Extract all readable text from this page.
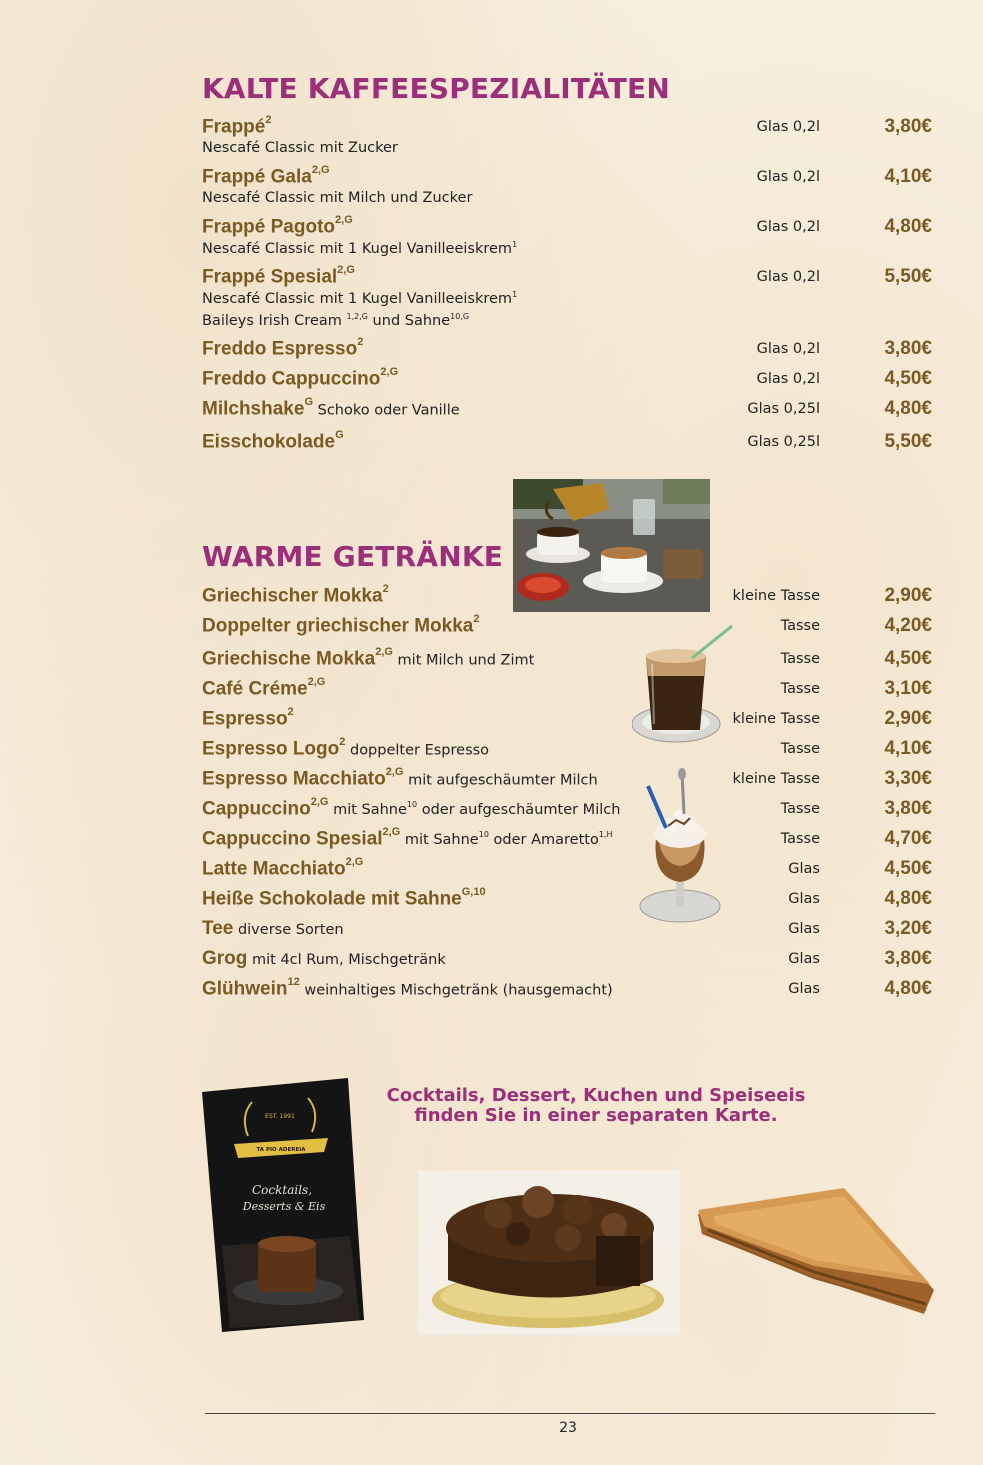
KALTE KAFFEESPEZIALITÄTEN
Frappé$^2$
Nescafé Classic mit Zucker
Glas 0,2l	3,80€
Frappé Gala$^{2,G}$
Nescafé Classic mit Milch und Zucker
Glas 0,2l	4,10€
Frappé Pagoto$^{2,G}$
Nescafé Classic mit 1 Kugel Vanilleeiskrem$^1$
Glas 0,2l	4,80€
Frappé Spesial$^{2,G}$
Nescafé Classic mit 1 Kugel Vanilleeiskrem$^1$
Baileys Irish Cream $^{1,2,G}$ und Sahne$^{10,G}$
Glas 0,2l	5,50€
Freddo Espresso$^2$	Glas 0,2l	3,80€
Freddo Cappuccino$^{2,G}$	Glas 0,2l	4,50€
Milchshake$^G$ Schoko oder Vanille	Glas 0,25l	4,80€
Eisschokolade$^G$	Glas 0,25l	5,50€
WARME GETRÄNKE
Griechischer Mokka$^2$	kleine Tasse	2,90€
Doppelter griechischer Mokka$^2$	Tasse	4,20€
Griechische Mokka$^{2,G}$ mit Milch und Zimt	Tasse	4,50€
Café Créme$^{2,G}$	Tasse	3,10€
Espresso$^2$	kleine Tasse	2,90€
Espresso Logo$^2$ doppelter Espresso	Tasse	4,10€
Espresso Macchiato$^{2,G}$ mit aufgeschäumter Milch	kleine Tasse	3,30€
Cappuccino$^{2,G}$ mit Sahne$^{10}$ oder aufgeschäumter Milch	Tasse	3,80€
Cappuccino Spesial$^{2,G}$ mit Sahne$^{10}$ oder Amaretto$^{1,H}$	Tasse	4,70€
Latte Macchiato$^{2,G}$	Glas	4,50€
Heiße Schokolade mit Sahne$^{G,10}$	Glas	4,80€
Tee diverse Sorten	Glas	3,20€
Grog mit 4cl Rum, Mischgetränk	Glas	3,80€
Glühwein$^{12}$ weinhaltiges Mischgetränk (hausgemacht)	Glas	4,80€
Cocktails, Dessert, Kuchen und Speiseeis
finden Sie in einer separaten Karte.
EST. 1991
TA PIO ADEREIA
Cocktails,
Desserts & Eis
23
